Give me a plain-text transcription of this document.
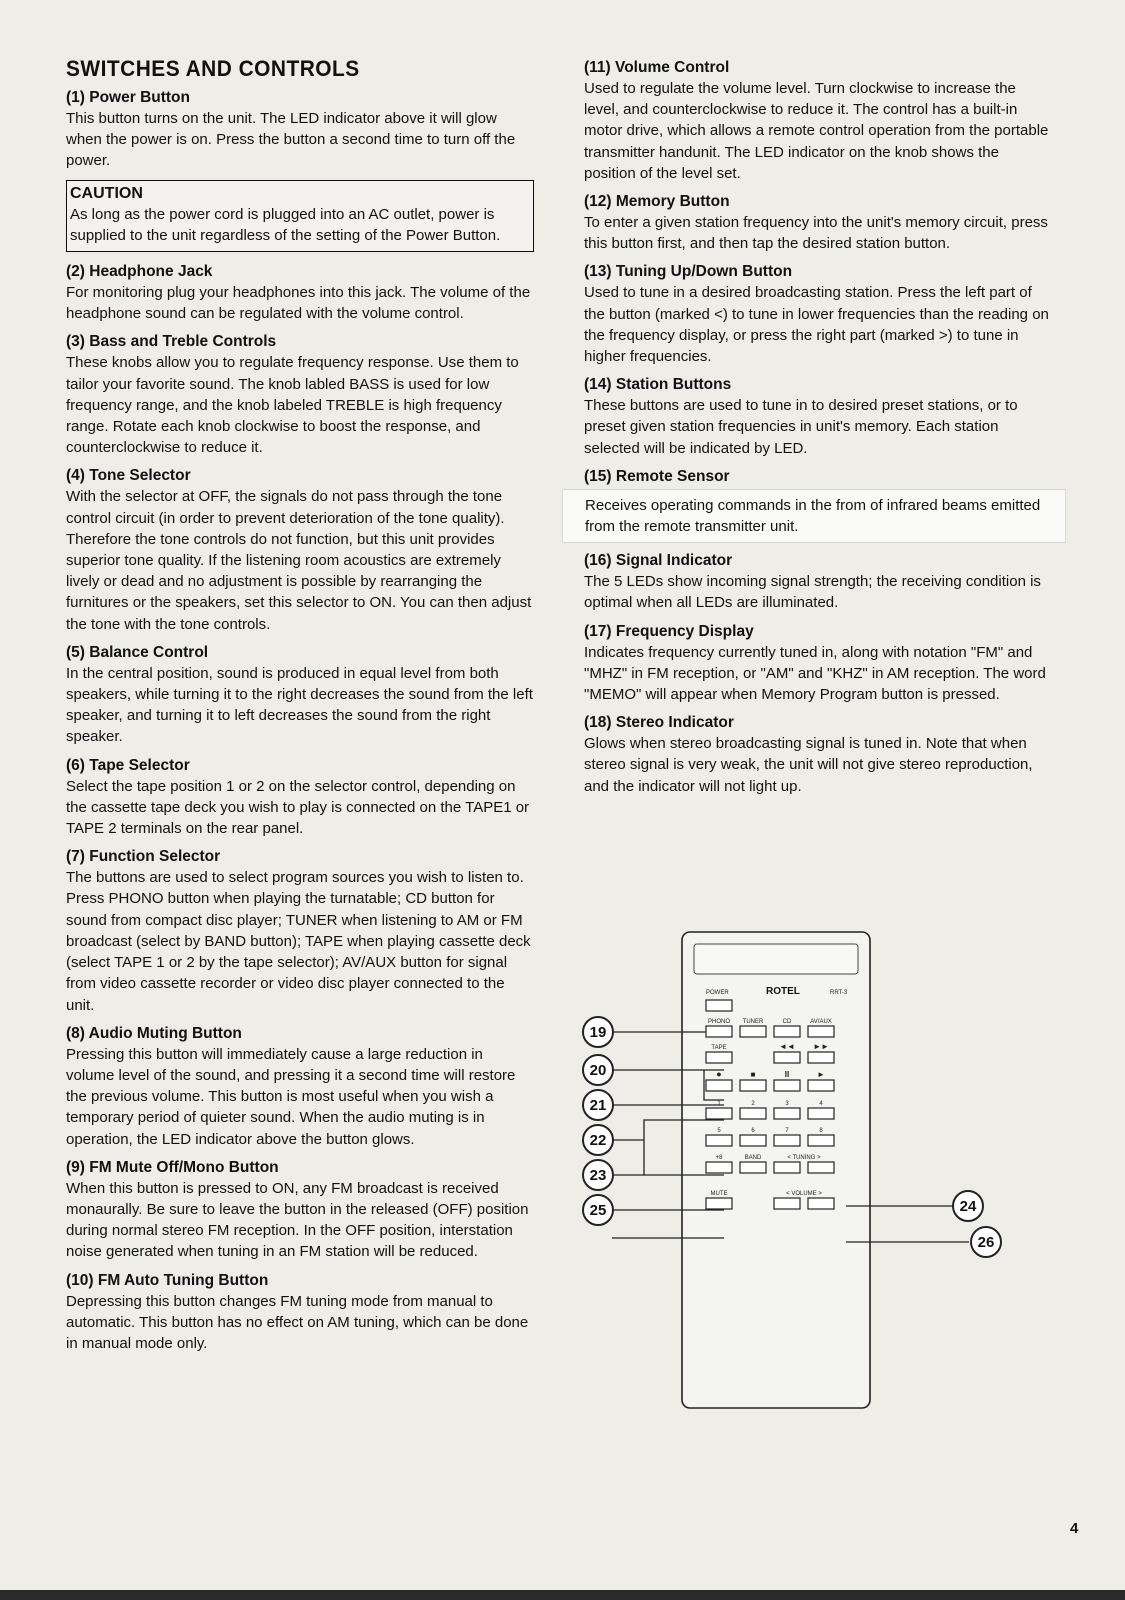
SWITCHES AND CONTROLS

(1) Power Button

This button turns on the unit. The LED indicator above it will glow when the power is on. Press the button a second time to turn off the power.

CAUTION

As long as the power cord is plugged into an AC outlet, power is supplied to the unit regardless of the setting of the Power Button.

(2) Headphone Jack

For monitoring plug your headphones into this jack. The volume of the headphone sound can be regulated with the volume control.

(3) Bass and Treble Controls

These knobs allow you to regulate frequency response. Use them to tailor your favorite sound. The knob labled BASS is used for low frequency range, and the knob labeled TREBLE is high frequency range. Rotate each knob clockwise to boost the response, and counterclockwise to reduce it.

(4) Tone Selector

With the selector at OFF, the signals do not pass through the tone control circuit (in order to prevent deterioration of the tone quality). Therefore the tone controls do not function, but this unit provides superior tone quality. If the listening room acoustics are extremely lively or dead and no adjustment is possible by rearranging the furnitures or the speakers, set this selector to ON. You can then adjust the tone with the tone controls.

(5) Balance Control

In the central position, sound is produced in equal level from both speakers, while turning it to the right decreases the sound from the left speaker, and turning it to left decreases the sound from the right speaker.

(6) Tape Selector

Select the tape position 1 or 2 on the selector control, depending on the cassette tape deck you wish to play is connected on the TAPE1 or TAPE 2 terminals on the rear panel.

(7) Function Selector

The buttons are used to select program sources you wish to listen to. Press PHONO button when playing the turnatable; CD button for sound from compact disc player; TUNER when listening to AM or FM broadcast (select by BAND button); TAPE when playing cassette deck (select TAPE 1 or 2 by the tape selector); AV/AUX button for signal from video cassette recorder or video disc player connected to the unit.

(8) Audio Muting Button

Pressing this button will immediately cause a large reduction in volume level of the sound, and pressing it a second time will restore the previous volume. This button is most useful when you wish a temporary period of quieter sound. When the audio muting is in operation, the LED indicator above the button glows.

(9) FM Mute Off/Mono Button

When this button is pressed to ON, any FM broadcast is received monaurally. Be sure to leave the button in the released (OFF) position during normal stereo FM reception. In the OFF position, interstation noise generated when tuning in an FM station will be reduced.

(10) FM Auto Tuning Button

Depressing this button changes FM tuning mode from manual to automatic. This button has no effect on AM tuning, which can be done in manual mode only.

(11) Volume Control

Used to regulate the volume level. Turn clockwise to increase the level, and counterclockwise to reduce it. The control has a built-in motor drive, which allows a remote control operation from the portable transmitter handunit. The LED indicator on the knob shows the position of the level set.

(12) Memory Button

To enter a given station frequency into the unit's memory circuit, press this button first, and then tap the desired station button.

(13) Tuning Up/Down Button

Used to tune in a desired broadcasting station. Press the left part of the button (marked <) to tune in lower frequencies than the reading on the frequency display, or press the right part (marked >) to tune in higher frequencies.

(14) Station Buttons

These buttons are used to tune in to desired preset stations, or to preset given station frequencies in unit's memory. Each station selected will be indicated by LED.

(15) Remote Sensor

Receives operating commands in the from of infrared beams emitted from the remote transmitter unit.

(16) Signal Indicator

The 5 LEDs show incoming signal strength; the receiving condition is optimal when all LEDs are illuminated.

(17) Frequency Display

Indicates frequency currently tuned in, along with notation "FM" and "MHZ" in FM reception, or "AM" and "KHZ" in AM reception. The word "MEMO" will appear when Memory Program button is pressed.

(18) Stereo Indicator

Glows when stereo broadcasting signal is tuned in. Note that when stereo signal is very weak, the unit will not give stereo reproduction, and the indicator will not light up.

19
20
21
22
23
25	24
26
POWER	ROTEL	RRT-3
PHONO TUNER	CD	AV/AUX
TAPE	◄◄ ►►
●	■	II	►
1	2	3	4
5	6	7	8
+8	BAND	< TUNING >
MUTE	< VOLUME >
4
